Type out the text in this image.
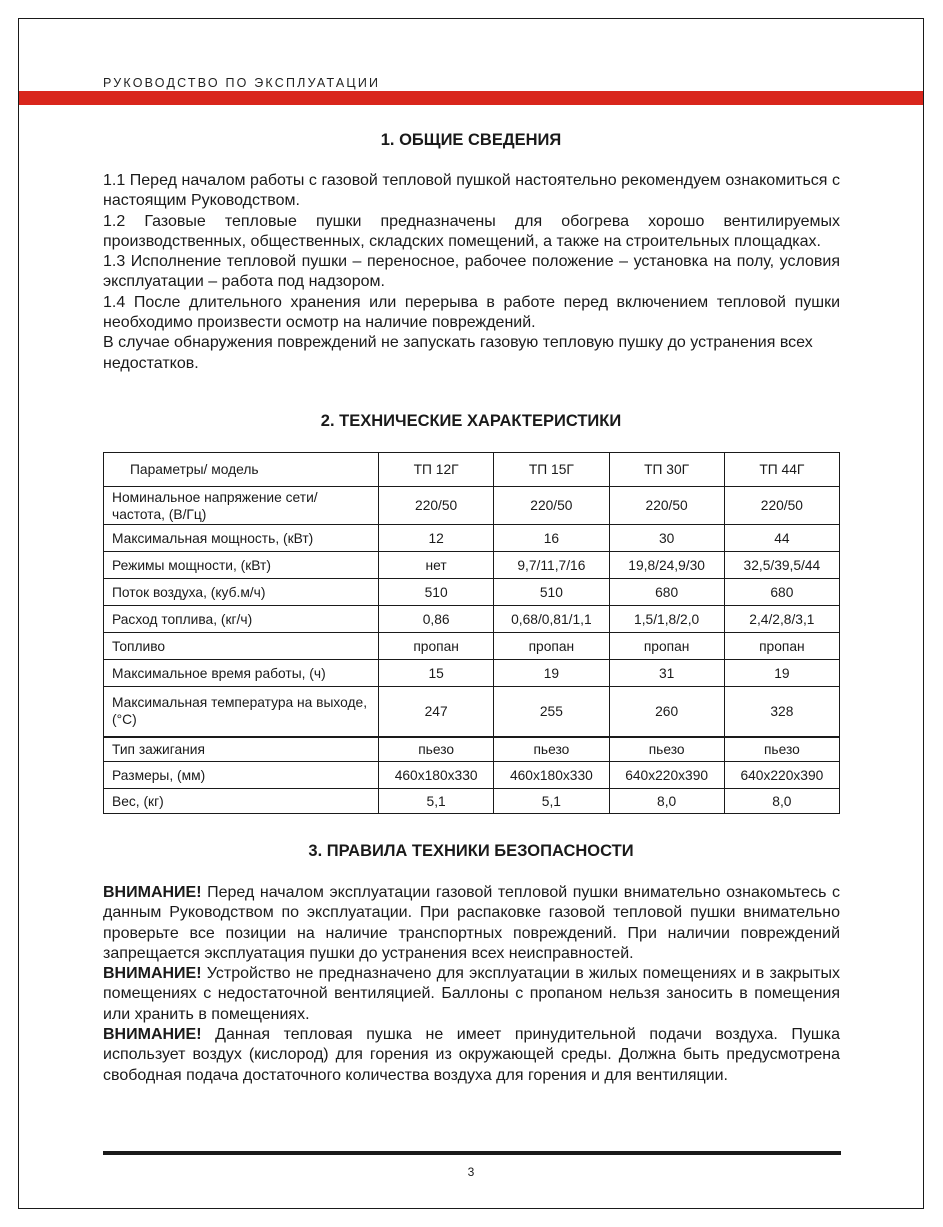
РУКОВОДСТВО ПО ЭКСПЛУАТАЦИИ
1. ОБЩИЕ СВЕДЕНИЯ

1.1 Перед началом работы с газовой тепловой пушкой настоятельно рекомендуем ознакомиться с настоящим Руководством.

1.2 Газовые тепловые пушки предназначены для обогрева хорошо вентилируемых производственных, общественных, складских помещений, а также на строительных площадках.

1.3 Исполнение тепловой пушки – переносное, рабочее положение – установка на полу, условия эксплуатации – работа под надзором.

1.4 После длительного хранения или перерыва в работе перед включением тепловой пушки необходимо произвести осмотр на наличие повреждений.

В случае обнаружения повреждений не запускать газовую тепловую пушку до устранения всех недостатков.

2. ТЕХНИЧЕСКИЕ ХАРАКТЕРИСТИКИ
Параметры/ модель	ТП 12Г	ТП 15Г	ТП 30Г	ТП 44Г
Номинальное напряжение сети/ частота, (В/Гц)	220/50	220/50	220/50	220/50
Максимальная мощность, (кВт)	12	16	30	44
Режимы мощности, (кВт)	нет	9,7/11,7/16	19,8/24,9/30	32,5/39,5/44
Поток воздуха, (куб.м/ч)	510	510	680	680
Расход топлива, (кг/ч)	0,86	0,68/0,81/1,1	1,5/1,8/2,0	2,4/2,8/3,1
Топливо	пропан	пропан	пропан	пропан
Максимальное время работы, (ч)	15	19	31	19
Максимальная температура на выходе, (°С)	247	255	260	328
Тип зажигания	пьезо	пьезо	пьезо	пьезо
Размеры, (мм)	460x180x330	460x180x330	640x220x390	640x220x390
Вес, (кг)	5,1	5,1	8,0	8,0
3. ПРАВИЛА ТЕХНИКИ БЕЗОПАСНОСТИ

ВНИМАНИЕ! Перед началом эксплуатации газовой тепловой пушки внимательно ознакомьтесь с данным Руководством по эксплуатации. При распаковке газовой тепловой пушки внимательно проверьте все позиции на наличие транспортных повреждений. При наличии повреждений запрещается эксплуатация пушки до устранения всех неисправностей.

ВНИМАНИЕ! Устройство не предназначено для эксплуатации в жилых помещениях и в закрытых помещениях с недостаточной вентиляцией. Баллоны с пропаном нельзя заносить в помещения или хранить в помещениях.

ВНИМАНИЕ! Данная тепловая пушка не имеет принудительной подачи воздуха. Пушка использует воздух (кислород) для горения из окружающей среды. Должна быть предусмотрена свободная подача достаточного количества воздуха для горения и для вентиляции.

3
